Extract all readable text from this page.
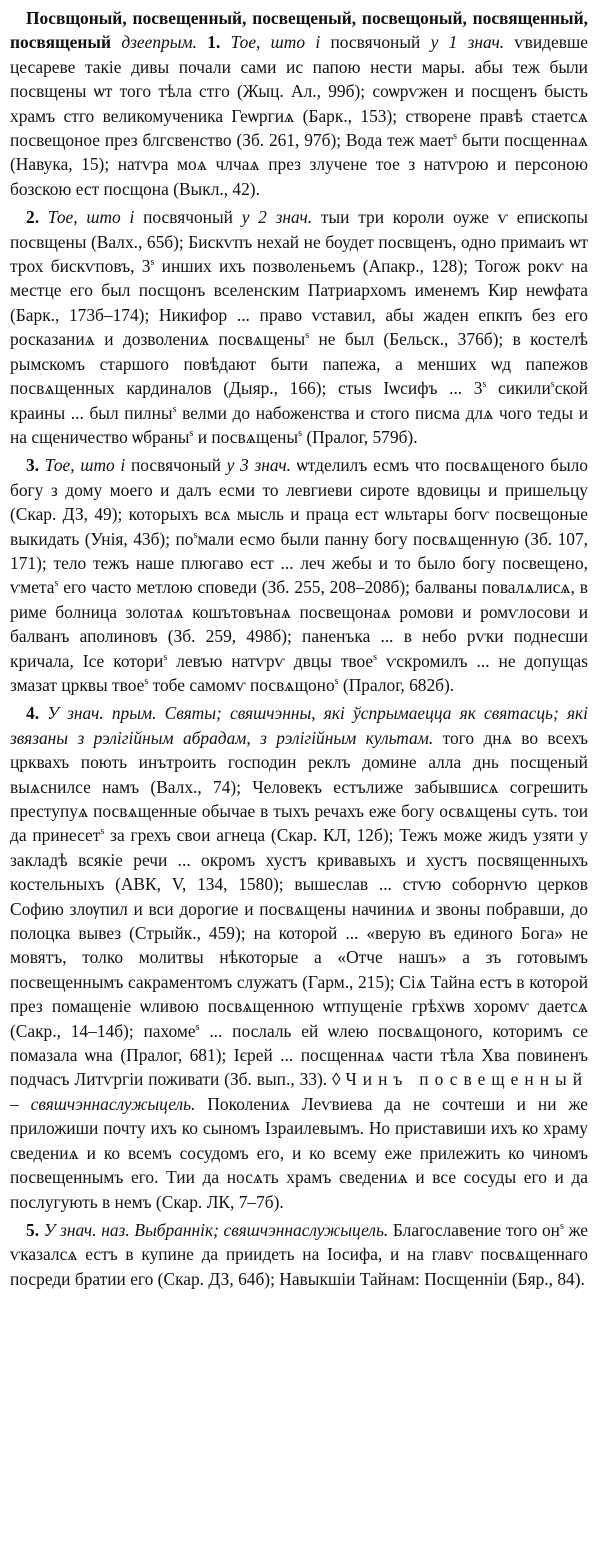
Посвщоный, посвещенный, посвещеный, посвещоный, посвященный, посвященый дзеепрым. 1. Тое, што і посвячоный у 1 знач. ѵвидевше цесареве такіе дивы почали сами ис папою нести мары. абы теж были посвщены ѡт того тѣла стго (Жыц. Ал., 99б); соѡрѵжен и посщенъ бысть храмъ стго великомученика Геѡргиѧ (Барк., 153); створене правѣ стаетсѧ посвещоное през блгсвенство (Зб. 261, 97б); Вода теж мает$^s$ быти посщеннаѧ (Навука, 15); натѵра моѧ члчаѧ през злучене тое з натѵрою и персоною бозскою ест посщона (Выкл., 42).

2. Тое, што і посвячоный у 2 знач. тыи три короли оуже ѵ епископы посвщены (Валх., 65б); Бискѵпъ нехай не боудет посвщенъ, одно примаиъ ѡт трох бискѵповъ, 3$^s$ инших ихъ позволеньемъ (Апакр., 128); Тогож рокѵ на местце его был посщонъ вселенским Патриархомъ именемъ Кир неѡфата (Барк., 173б–174); Никифор ... право ѵставил, абы жаден епкпъ без его росказаниѧ и дозволениѧ посвѧщены$^s$ не был (Бельск., 376б); в костелѣ рымскомъ старшого повѣдают быти папежа, а менших ѡд папежов посвѧщенных кардиналов (Дыяр., 166); стыѕ Іѡсифъ ... 3$^s$ сикили$^s$ской краины ... был пилны$^s$ велми до набоженства и стого писма длѧ чого теды и на сщеничество ѡбраны$^s$ и посвѧщены$^s$ (Пралог, 579б).

3. Тое, што і посвячоный у 3 знач. ѡтделилъ есмъ что посвѧщеного было богу з дому моего и далъ есми то левгиеви сироте вдовицы и пришельцу (Скар. ДЗ, 49); которыхъ всѧ мысль и праца ест ѡльтары богѵ посвещоные выкидать (Унія, 43б); $по^sмали$ есмо были панну богу посвѧщенную (Зб. 107, 171); тело тежъ наше плюгаво ест ... леч жебы и то было богу посвещено, ѵмета$^s$ его часто метлою споведи (Зб. 255, 208–208б); балваны повалѧлисѧ, в риме болница золотаѧ кошътовънаѧ посвещонаѧ ромови и ромѵлосови и балванъ аполиновъ (Зб. 259, 498б); паненъка ... в небо рѵки поднесши кричала, Ісе котори$^s$ левъю натѵрѵ двцы твое$^s$ ѵскромилъ ... не допущаѕ змазат црквы твое$^s$ тобе самомѵ посвѧщоно$^s$ (Пралог, 682б).

4. У знач. прым. Святы; свяшчэнны, які ўспрымаецца як святасць; які звязаны з рэлігійным абрадам, з рэлігійным культам. того днѧ во всехъ црквахъ поють инътроить господин реклъ домине алла днь посщеный выѧснилсе намъ (Валх., 74); Человекъ естълиже забывшисѧ согрешить преступуѧ посвѧщенные обычае в тыхъ речахъ еже богу освѧщены суть. тои да принесет$^s$ за грехъ свои агнеца (Скар. КЛ, 12б); Тежъ може жидъ узяти у закладѣ всякіе речи ... окромъ хустъ кривавыхъ и хустъ посвященныхъ костельныхъ (АВК, V, 134, 1580); вышеслав ... стѵю соборнѵю церков Софию злѹпил и вси дорогие и посвѧщены начиниѧ и звоны побравши, до полоцка вывез (Стрыйк., 459); на которой ... «верую въ единого Бога» не мовятъ, толко молитвы нѣкоторые а «Отче нашъ» а зъ готовымъ посвещеннымъ сакраментомъ служатъ (Гарм., 215); Сіѧ Тайна естъ в которой през помащеніе ѡливою посвѧщенною ѡтпущеніе грѣхѡв хоромѵ даетсѧ (Сакр., 14–14б); пахоме$^s$ ... послаль ей ѡлею посвѧщоного, которимъ се помазала ѡна (Пралог, 681); Ієрей ... посщеннаѧ части тѣла Хва повиненъ подчасъ Литѵргіи поживати (Зб. вып., 33). ◊ Чинъ посвещенный – свяшчэннаслужыцель. Поколениѧ Леѵвиева да не сочтеши и ни же приложиши почту ихъ ко сыномъ Ізраилевымъ. Но приставиши ихъ ко храму сведениѧ и ко всемъ сосудомъ его, и ко всему еже прилежить ко чиномъ посвещеннымъ его. Тии да носѧть храмъ сведениѧ и все сосуды его и да послугують в немъ (Скар. ЛК, 7–7б).

5. У знач. наз. Выбраннік; свяшчэннаслужыцель. Благославение того $он^s$ же ѵказалсѧ естъ в купине да приидеть на Іосифа, и на главѵ посвѧщеннаго посреди братии его (Скар. ДЗ, 64б); Навыкшіи Тайнам: Посщенніи (Бяр., 84).
